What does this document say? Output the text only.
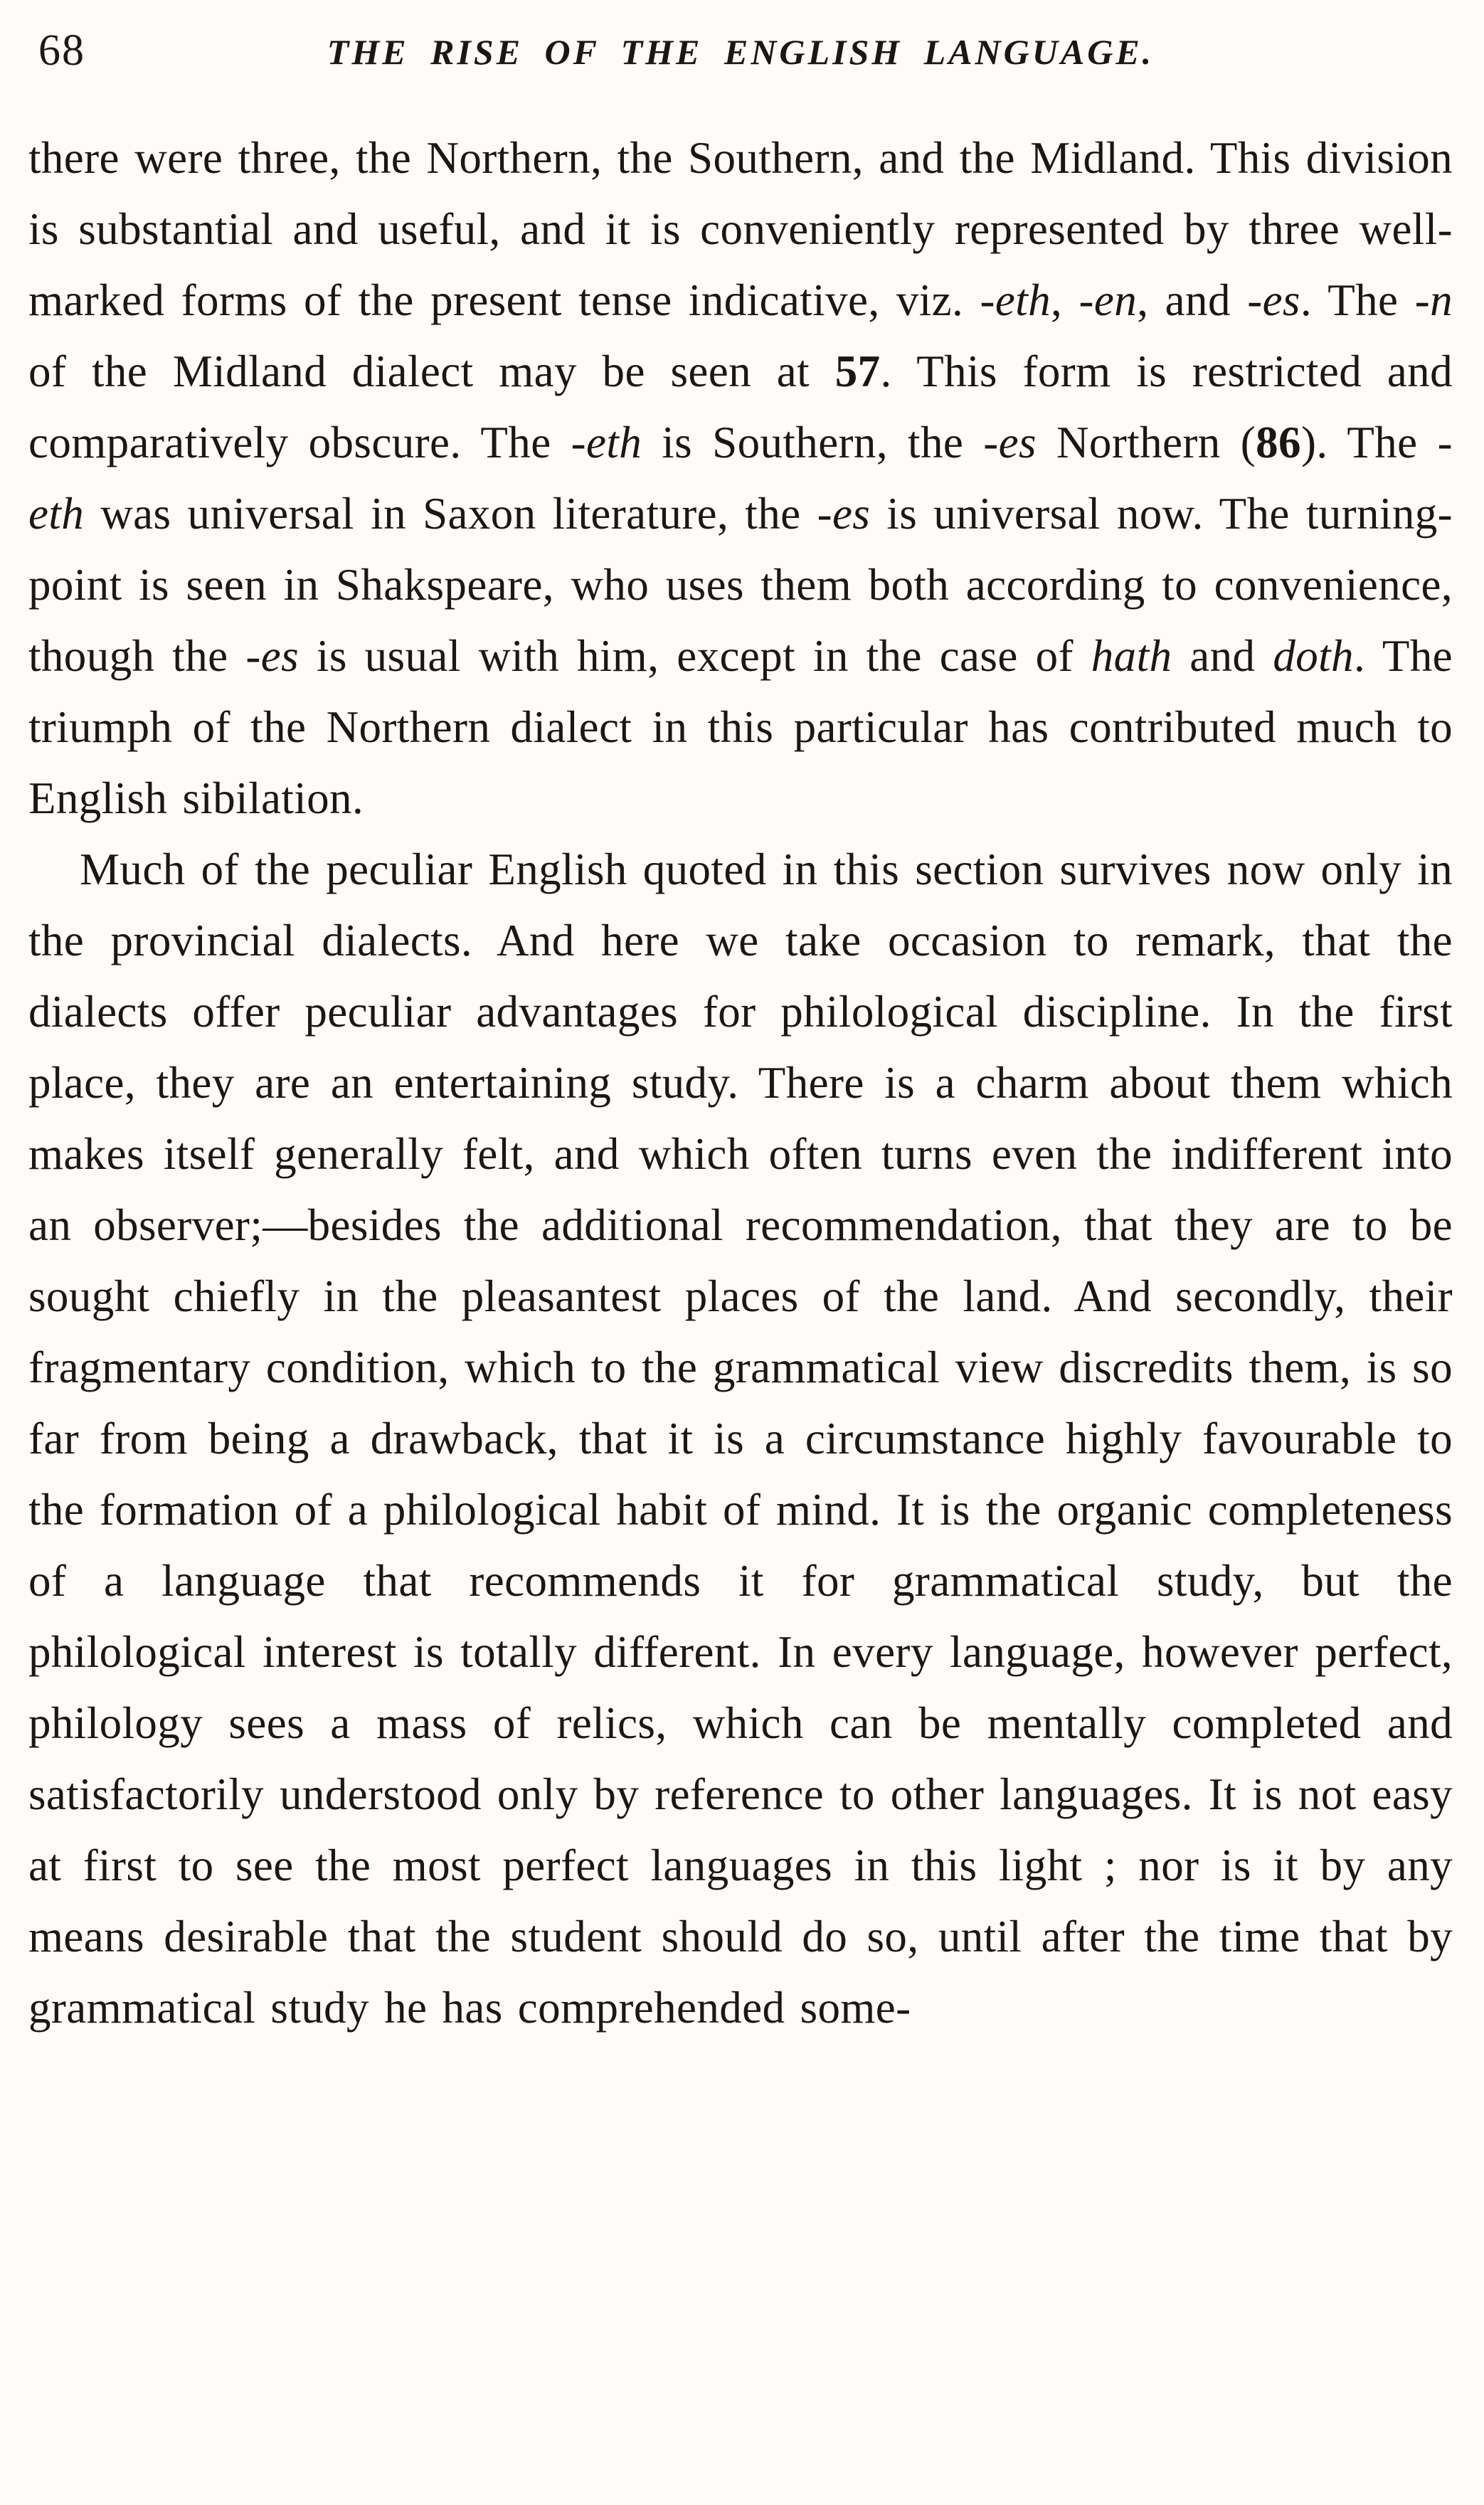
68	THE RISE OF THE ENGLISH LANGUAGE.

there were three, the Northern, the Southern, and the Midland. This division is substantial and useful, and it is conveniently represented by three well-marked forms of the present tense indicative, viz. -eth, -en, and -es. The -n of the Midland dialect may be seen at 57. This form is restricted and comparatively obscure. The -eth is Southern, the -es Northern (86). The -eth was universal in Saxon literature, the -es is universal now. The turning-point is seen in Shakspeare, who uses them both according to convenience, though the -es is usual with him, except in the case of hath and doth. The triumph of the Northern dialect in this particular has contributed much to English sibilation.

Much of the peculiar English quoted in this section survives now only in the provincial dialects. And here we take occasion to remark, that the dialects offer peculiar advantages for philological discipline. In the first place, they are an entertaining study. There is a charm about them which makes itself generally felt, and which often turns even the indifferent into an observer;—besides the additional recommendation, that they are to be sought chiefly in the pleasantest places of the land. And secondly, their fragmentary condition, which to the grammatical view discredits them, is so far from being a drawback, that it is a circumstance highly favourable to the formation of a philological habit of mind. It is the organic completeness of a language that recommends it for grammatical study, but the philological interest is totally different. In every language, however perfect, philology sees a mass of relics, which can be mentally completed and satisfactorily understood only by reference to other languages. It is not easy at first to see the most perfect languages in this light ; nor is it by any means desirable that the student should do so, until after the time that by grammatical study he has comprehended some-
